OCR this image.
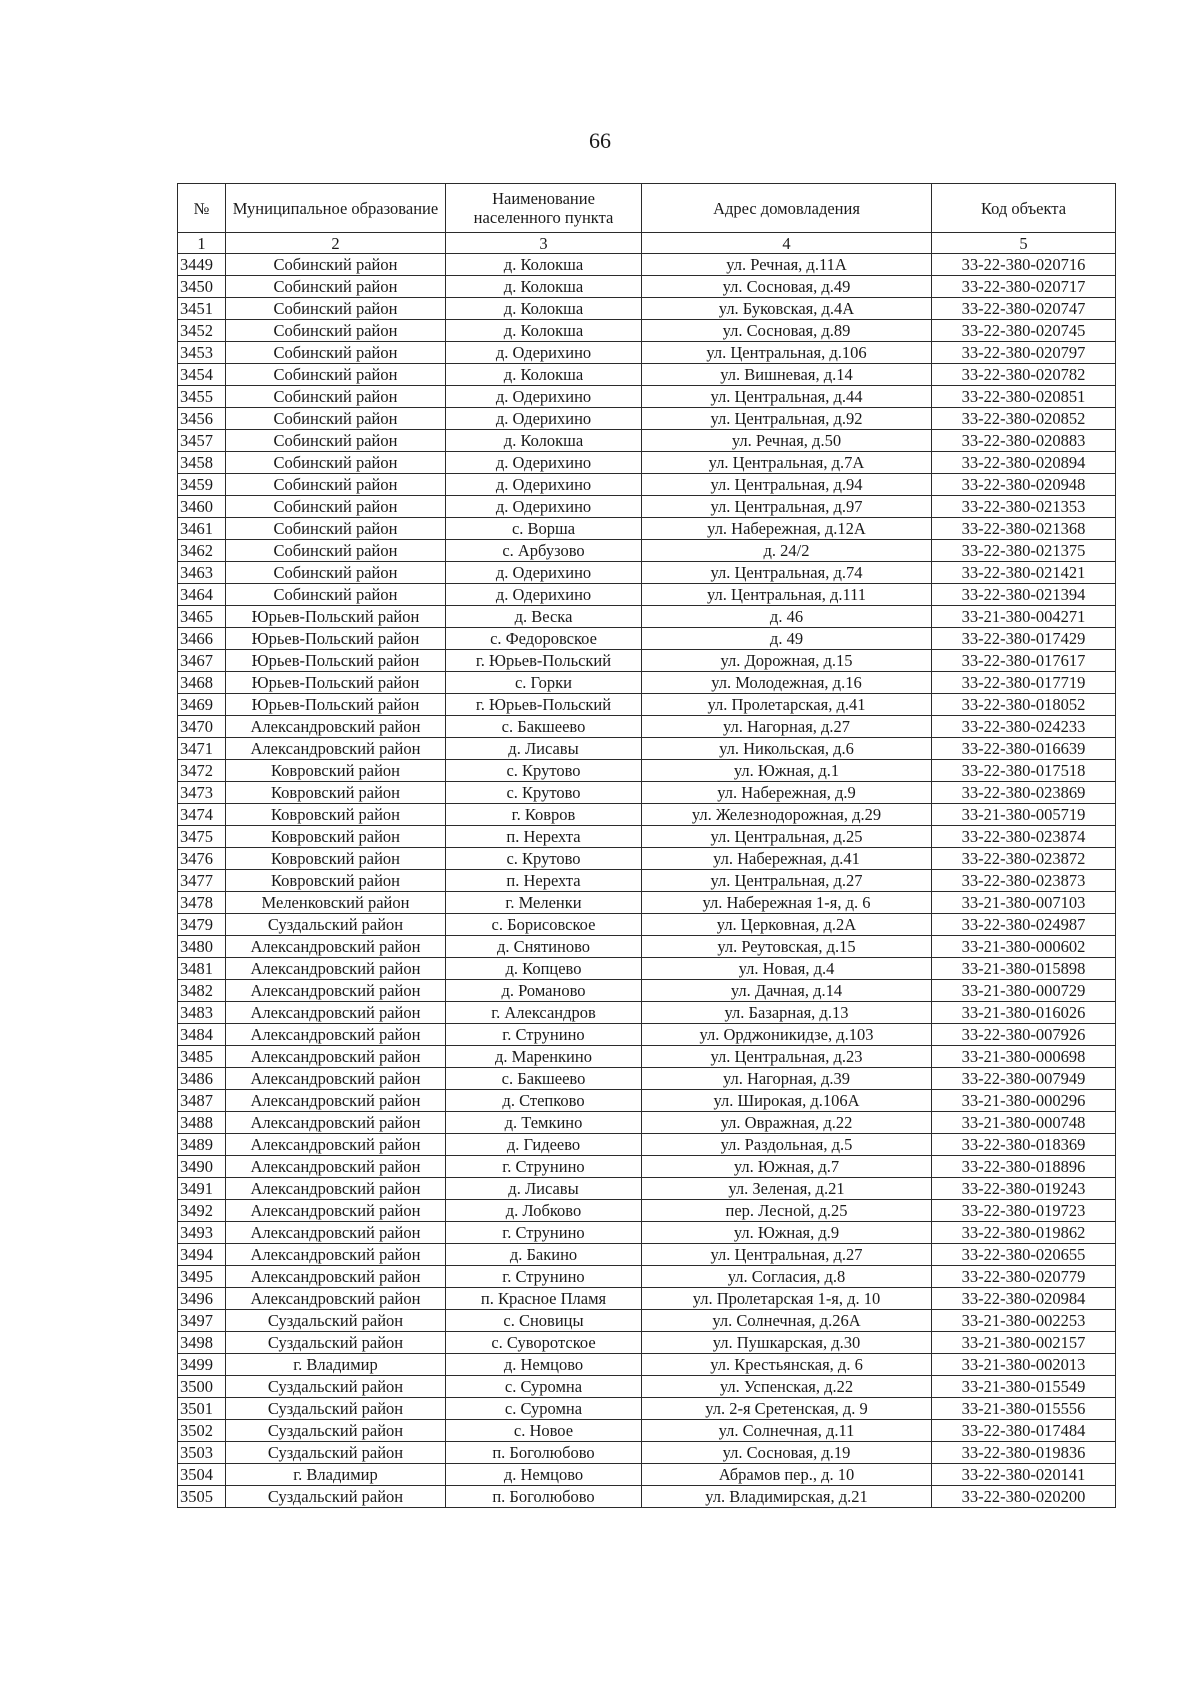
66
№	Муниципальное образование	Наименование населенного пункта	Адрес домовладения	Код объекта
1	2	3	4	5
3449	Собинский район	д. Колокша	ул. Речная, д.11А	33-22-380-020716
3450	Собинский район	д. Колокша	ул. Сосновая, д.49	33-22-380-020717
3451	Собинский район	д. Колокша	ул. Буковская, д.4А	33-22-380-020747
3452	Собинский район	д. Колокша	ул. Сосновая, д.89	33-22-380-020745
3453	Собинский район	д. Одерихино	ул. Центральная, д.106	33-22-380-020797
3454	Собинский район	д. Колокша	ул. Вишневая, д.14	33-22-380-020782
3455	Собинский район	д. Одерихино	ул. Центральная, д.44	33-22-380-020851
3456	Собинский район	д. Одерихино	ул. Центральная, д.92	33-22-380-020852
3457	Собинский район	д. Колокша	ул. Речная, д.50	33-22-380-020883
3458	Собинский район	д. Одерихино	ул. Центральная, д.7А	33-22-380-020894
3459	Собинский район	д. Одерихино	ул. Центральная, д.94	33-22-380-020948
3460	Собинский район	д. Одерихино	ул. Центральная, д.97	33-22-380-021353
3461	Собинский район	с. Ворша	ул. Набережная, д.12А	33-22-380-021368
3462	Собинский район	с. Арбузово	д. 24/2	33-22-380-021375
3463	Собинский район	д. Одерихино	ул. Центральная, д.74	33-22-380-021421
3464	Собинский район	д. Одерихино	ул. Центральная, д.111	33-22-380-021394
3465	Юрьев-Польский район	д. Веска	д. 46	33-21-380-004271
3466	Юрьев-Польский район	с. Федоровское	д. 49	33-22-380-017429
3467	Юрьев-Польский район	г. Юрьев-Польский	ул. Дорожная, д.15	33-22-380-017617
3468	Юрьев-Польский район	с. Горки	ул. Молодежная, д.16	33-22-380-017719
3469	Юрьев-Польский район	г. Юрьев-Польский	ул. Пролетарская, д.41	33-22-380-018052
3470	Александровский район	с. Бакшеево	ул. Нагорная, д.27	33-22-380-024233
3471	Александровский район	д. Лисавы	ул. Никольская, д.6	33-22-380-016639
3472	Ковровский район	с. Крутово	ул. Южная, д.1	33-22-380-017518
3473	Ковровский район	с. Крутово	ул. Набережная, д.9	33-22-380-023869
3474	Ковровский район	г. Ковров	ул. Железнодорожная, д.29	33-21-380-005719
3475	Ковровский район	п. Нерехта	ул. Центральная, д.25	33-22-380-023874
3476	Ковровский район	с. Крутово	ул. Набережная, д.41	33-22-380-023872
3477	Ковровский район	п. Нерехта	ул. Центральная, д.27	33-22-380-023873
3478	Меленковский район	г. Меленки	ул. Набережная 1-я, д. 6	33-21-380-007103
3479	Суздальский район	с. Борисовское	ул. Церковная, д.2А	33-22-380-024987
3480	Александровский район	д. Снятиново	ул. Реутовская, д.15	33-21-380-000602
3481	Александровский район	д. Копцево	ул. Новая, д.4	33-21-380-015898
3482	Александровский район	д. Романово	ул. Дачная, д.14	33-21-380-000729
3483	Александровский район	г. Александров	ул. Базарная, д.13	33-21-380-016026
3484	Александровский район	г. Струнино	ул. Орджоникидзе, д.103	33-22-380-007926
3485	Александровский район	д. Маренкино	ул. Центральная, д.23	33-21-380-000698
3486	Александровский район	с. Бакшеево	ул. Нагорная, д.39	33-22-380-007949
3487	Александровский район	д. Степково	ул. Широкая, д.106А	33-21-380-000296
3488	Александровский район	д. Темкино	ул. Овражная, д.22	33-21-380-000748
3489	Александровский район	д. Гидеево	ул. Раздольная, д.5	33-22-380-018369
3490	Александровский район	г. Струнино	ул. Южная, д.7	33-22-380-018896
3491	Александровский район	д. Лисавы	ул. Зеленая, д.21	33-22-380-019243
3492	Александровский район	д. Лобково	пер. Лесной, д.25	33-22-380-019723
3493	Александровский район	г. Струнино	ул. Южная, д.9	33-22-380-019862
3494	Александровский район	д. Бакино	ул. Центральная, д.27	33-22-380-020655
3495	Александровский район	г. Струнино	ул. Согласия, д.8	33-22-380-020779
3496	Александровский район	п. Красное Пламя	ул. Пролетарская 1-я, д. 10	33-22-380-020984
3497	Суздальский район	с. Сновицы	ул. Солнечная, д.26А	33-21-380-002253
3498	Суздальский район	с. Суворотское	ул. Пушкарская, д.30	33-21-380-002157
3499	г. Владимир	д. Немцово	ул. Крестьянская, д. 6	33-21-380-002013
3500	Суздальский район	с. Суромна	ул. Успенская, д.22	33-21-380-015549
3501	Суздальский район	с. Суромна	ул. 2-я Сретенская, д. 9	33-21-380-015556
3502	Суздальский район	с. Новое	ул. Солнечная, д.11	33-22-380-017484
3503	Суздальский район	п. Боголюбово	ул. Сосновая, д.19	33-22-380-019836
3504	г. Владимир	д. Немцово	Абрамов пер., д. 10	33-22-380-020141
3505	Суздальский район	п. Боголюбово	ул. Владимирская, д.21	33-22-380-020200
